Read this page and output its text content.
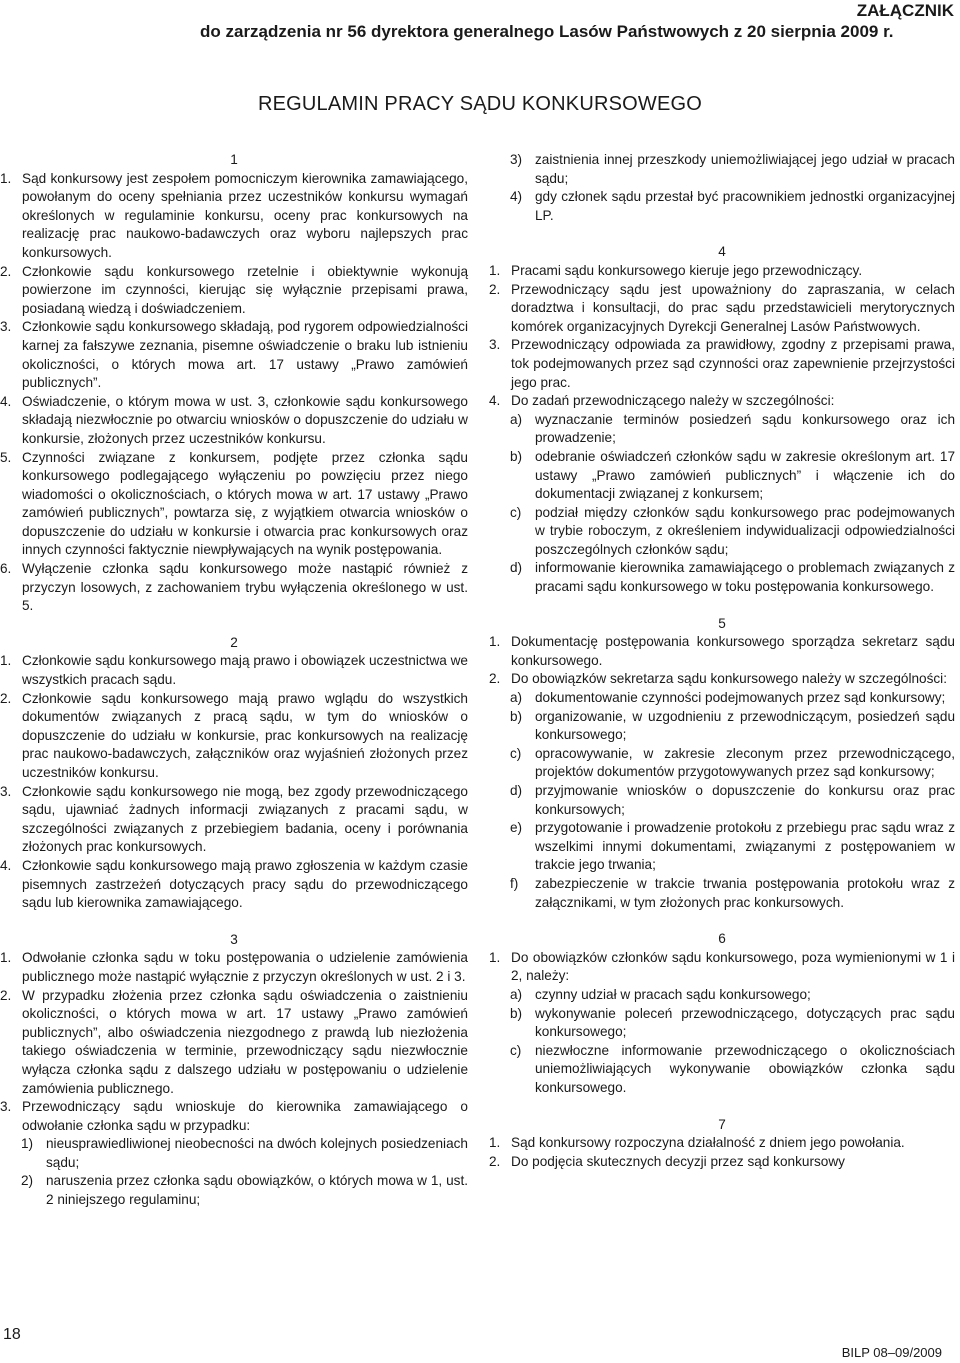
ZAŁĄCZNIK
do zarządzenia nr 56 dyrektora generalnego Lasów Państwowych z 20 sierpnia 2009 r.
REGULAMIN PRACY SĄDU KONKURSOWEGO

1

1. Sąd konkursowy jest zespołem pomocniczym kierownika zamawiającego, powołanym do oceny spełniania przez uczestników konkursu wymagań określonych w regulaminie konkursu, oceny prac konkursowych na realizację prac naukowo-badawczych oraz wyboru najlepszych prac konkursowych.
2. Członkowie sądu konkursowego rzetelnie i obiektywnie wykonują powierzone im czynności, kierując się wyłącznie przepisami prawa, posiadaną wiedzą i doświadczeniem.
3. Członkowie sądu konkursowego składają, pod rygorem odpowiedzialności karnej za fałszywe zeznania, pisemne oświadczenie o braku lub istnieniu okoliczności, o których mowa art. 17 ustawy „Prawo zamówień publicznych”.
4. Oświadczenie, o którym mowa w ust. 3, członkowie sądu konkursowego składają niezwłocznie po otwarciu wniosków o dopuszczenie do udziału w konkursie, złożonych przez uczestników konkursu.
5. Czynności związane z konkursem, podjęte przez członka sądu konkursowego podlegającego wyłączeniu po powzięciu przez niego wiadomości o okolicznościach, o których mowa w art. 17 ustawy „Prawo zamówień publicznych”, powtarza się, z wyjątkiem otwarcia wniosków o dopuszczenie do udziału w konkursie i otwarcia prac konkursowych oraz innych czynności faktycznie niewpływających na wynik postępowania.
6. Wyłączenie członka sądu konkursowego może nastąpić również z przyczyn losowych, z zachowaniem trybu wyłączenia określonego w ust. 5.

2

1. Członkowie sądu konkursowego mają prawo i obowiązek uczestnictwa we wszystkich pracach sądu.
2. Członkowie sądu konkursowego mają prawo wglądu do wszystkich dokumentów związanych z pracą sądu, w tym do wniosków o dopuszczenie do udziału w konkursie, prac konkursowych na realizację prac naukowo-badawczych, załączników oraz wyjaśnień złożonych przez uczestników konkursu.
3. Członkowie sądu konkursowego nie mogą, bez zgody przewodniczącego sądu, ujawniać żadnych informacji związanych z pracami sądu, w szczególności związanych z przebiegiem badania, oceny i porównania złożonych prac konkursowych.
4. Członkowie sądu konkursowego mają prawo zgłoszenia w każdym czasie pisemnych zastrzeżeń dotyczących pracy sądu do przewodniczącego sądu lub kierownika zamawiającego.

3

1. Odwołanie członka sądu w toku postępowania o udzielenie zamówienia publicznego może nastąpić wyłącznie z przyczyn określonych w ust. 2 i 3.
2. W przypadku złożenia przez członka sądu oświadczenia o zaistnieniu okoliczności, o których mowa w art. 17 ustawy „Prawo zamówień publicznych”, albo oświadczenia niezgodnego z prawdą lub niezłożenia takiego oświadczenia w terminie, przewodniczący sądu niezwłocznie wyłącza członka sądu z dalszego udziału w postępowaniu o udzielenie zamówienia publicznego.
3. Przewodniczący sądu wnioskuje do kierownika zamawiającego o odwołanie członka sądu w przypadku:
1) nieusprawiedliwionej nieobecności na dwóch kolejnych posiedzeniach sądu;
2) naruszenia przez członka sądu obowiązków, o których mowa w 1, ust. 2 niniejszego regulaminu;
3) zaistnienia innej przeszkody uniemożliwiającej jego udział w pracach sądu;
4) gdy członek sądu przestał być pracownikiem jednostki organizacyjnej LP.

4

1. Pracami sądu konkursowego kieruje jego przewodniczący.
2. Przewodniczący sądu jest upoważniony do zapraszania, w celach doradztwa i konsultacji, do prac sądu przedstawicieli merytorycznych komórek organizacyjnych Dyrekcji Generalnej Lasów Państwowych.
3. Przewodniczący odpowiada za prawidłowy, zgodny z przepisami prawa, tok podejmowanych przez sąd czynności oraz zapewnienie przejrzystości jego prac.
4. Do zadań przewodniczącego należy w szczególności:
a) wyznaczanie terminów posiedzeń sądu konkursowego oraz ich prowadzenie;
b) odebranie oświadczeń członków sądu w zakresie określonym art. 17 ustawy „Prawo zamówień publicznych” i włączenie ich do dokumentacji związanej z konkursem;
c) podział między członków sądu konkursowego prac podejmowanych w trybie roboczym, z określeniem indywidualizacji odpowiedzialności poszczególnych członków sądu;
d) informowanie kierownika zamawiającego o problemach związanych z pracami sądu konkursowego w toku postępowania konkursowego.

5

1. Dokumentację postępowania konkursowego sporządza sekretarz sądu konkursowego.
2. Do obowiązków sekretarza sądu konkursowego należy w szczególności:
a) dokumentowanie czynności podejmowanych przez sąd konkursowy;
b) organizowanie, w uzgodnieniu z przewodniczącym, posiedzeń sądu konkursowego;
c) opracowywanie, w zakresie zleconym przez przewodniczącego, projektów dokumentów przygotowywanych przez sąd konkursowy;
d) przyjmowanie wniosków o dopuszczenie do konkursu oraz prac konkursowych;
e) przygotowanie i prowadzenie protokołu z przebiegu prac sądu wraz z wszelkimi innymi dokumentami, związanymi z postępowaniem w trakcie jego trwania;
f) zabezpieczenie w trakcie trwania postępowania protokołu wraz z załącznikami, w tym złożonych prac konkursowych.

6

1. Do obowiązków członków sądu konkursowego, poza wymienionymi w 1 i 2, należy:
a) czynny udział w pracach sądu konkursowego;
b) wykonywanie poleceń przewodniczącego, dotyczących prac sądu konkursowego;
c) niezwłoczne informowanie przewodniczącego o okolicznościach uniemożliwiających wykonywanie obowiązków członka sądu konkursowego.

7

1. Sąd konkursowy rozpoczyna działalność z dniem jego powołania.
2. Do podjęcia skutecznych decyzji przez sąd konkursowy
18
BILP 08–09/2009
